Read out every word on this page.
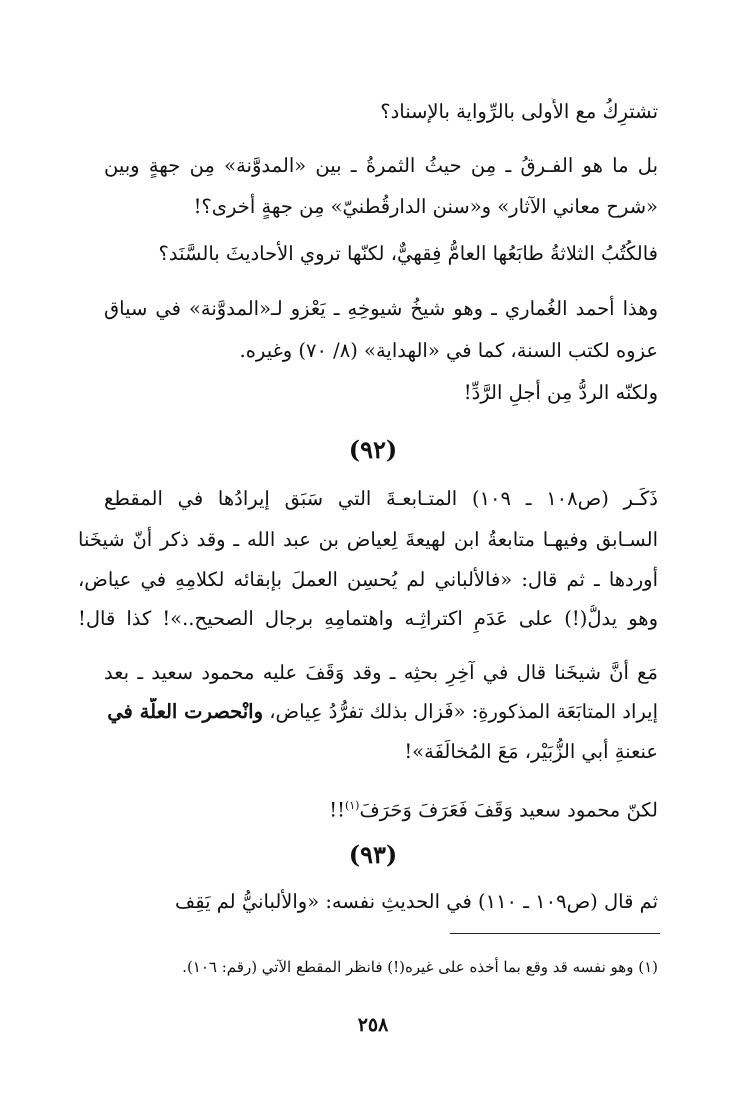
تشترِكُ مع الأُولى بالرِّواية بالإسناد؟
بل ما هو الفـرقُ ـ مِن حيثُ الثمرةُ ـ بين «المدوَّنة» مِن جهةٍ وبين
«شرح معاني الآثار» و«سنن الدارقُطنيّ» مِن جهةٍ أخرى؟!
فالكُتُبُ الثلاثةُ طابَعُها العامُّ فِقهيٌّ، لكنّها تروي الأحاديثَ بالسَّنَد؟
وهذا أحمد الغُماري ـ وهو شيخُ شيوخِهِ ـ يَعْزو لـ«المدوَّنة» في سياق
عزوه لكتب السنة، كما في «الهداية» (٨/ ٧٠) وغيره.
ولكنّه الردُّ مِن أجلِ الرَّدِّ!
(٩٢)
ذَكَـر (ص١٠٨ ـ ١٠٩) المتـابعـةَ التي سَبَق إيرادُها في المقطع
السـابق وفيهـا متابعةُ ابن لهيعةَ لِعياض بن عبد الله ـ وقد ذكر أنّ شيخَنا
أوردها ـ ثم قال: «فالألباني لم يُحسِن العملَ بإبقائه لكلامِهِ في عياض،
وهو يدلُّ(!) على عَدَمِ اكتراثِـه واهتمامِهِ برجال الصحيح..»! كذا قال!
مَع أنَّ شيخَنا قال في آخِرِ بحثِه ـ وقد وَقَفَ عليه محمود سعيد ـ بعد
إيراد المتابَعَة المذكورةِ: «فَزال بذلك تفرُّدُ عِياض، وانْحصرت العلّة في
عنعنةِ أبي الزُّبَيْر، مَعَ المُخالَفَة»!
لكنّ محمود سعيد وَقَفَ فَعَرَفَ وَحَرَفَ$^{(١)}$!!
(٩٣)
ثم قال (ص١٠٩ ـ ١١٠) في الحديثِ نفسه: «والألبانيُّ لم يَقِف
(١) وهو نفسه قد وقع بما أخذه على غيره(!) فانظر المقطع الآتي (رقم: ١٠٦).
٢٥٨
